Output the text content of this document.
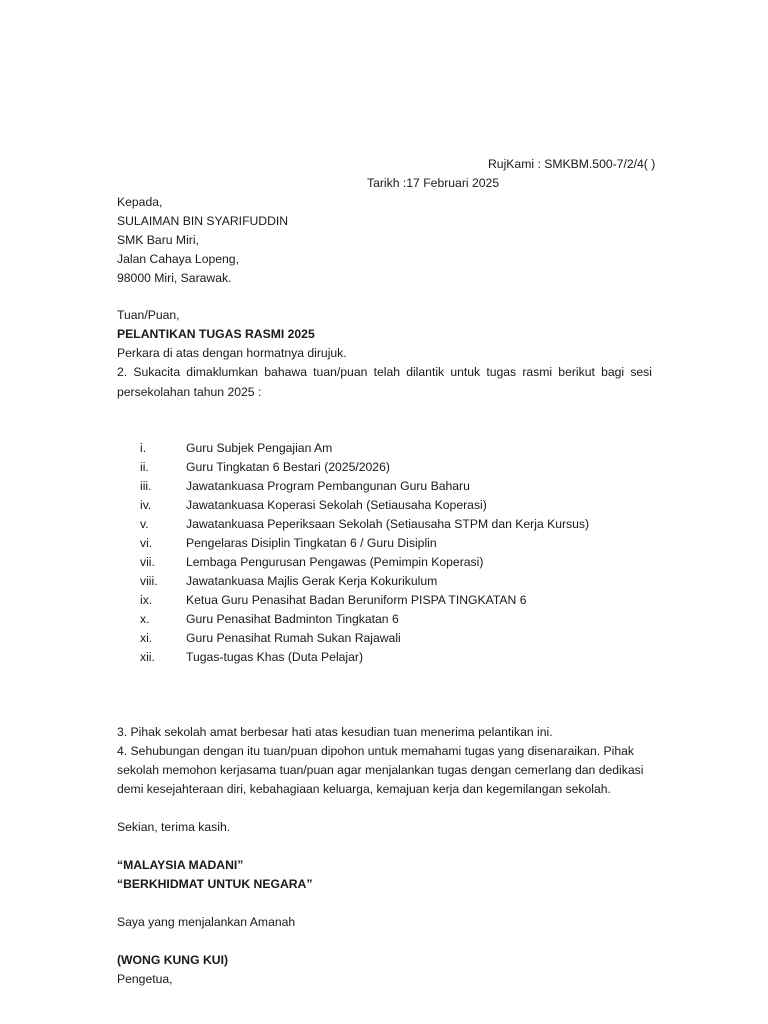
RujKami : SMKBM.500-7/2/4( )
Tarikh :17 Februari 2025
Kepada,
SULAIMAN BIN SYARIFUDDIN
SMK Baru Miri,
Jalan Cahaya Lopeng,
98000 Miri, Sarawak.
Tuan/Puan,
PELANTIKAN TUGAS RASMI 2025
Perkara di atas dengan hormatnya dirujuk.
2. Sukacita dimaklumkan bahawa tuan/puan telah dilantik untuk tugas rasmi berikut bagi sesi
persekolahan tahun 2025 :
i.	Guru Subjek Pengajian Am
ii.	Guru Tingkatan 6 Bestari (2025/2026)
iii.	Jawatankuasa Program Pembangunan Guru Baharu
iv.	Jawatankuasa Koperasi Sekolah (Setiausaha Koperasi)
v.	Jawatankuasa Peperiksaan Sekolah (Setiausaha STPM dan Kerja Kursus)
vi.	Pengelaras Disiplin Tingkatan 6 / Guru Disiplin
vii.	Lembaga Pengurusan Pengawas (Pemimpin Koperasi)
viii.	Jawatankuasa Majlis Gerak Kerja Kokurikulum
ix.	Ketua Guru Penasihat Badan Beruniform PISPA TINGKATAN 6
x.	Guru Penasihat Badminton Tingkatan 6
xi.	Guru Penasihat Rumah Sukan Rajawali
xii.	Tugas-tugas Khas (Duta Pelajar)
3. Pihak sekolah amat berbesar hati atas kesudian tuan menerima pelantikan ini.
4. Sehubungan dengan itu tuan/puan dipohon untuk memahami tugas yang disenaraikan. Pihak
sekolah memohon kerjasama tuan/puan agar menjalankan tugas dengan cemerlang dan dedikasi
demi kesejahteraan diri, kebahagiaan keluarga, kemajuan kerja dan kegemilangan sekolah.
Sekian, terima kasih.
“MALAYSIA MADANI”
“BERKHIDMAT UNTUK NEGARA”
Saya yang menjalankan Amanah
(WONG KUNG KUI)
Pengetua,
